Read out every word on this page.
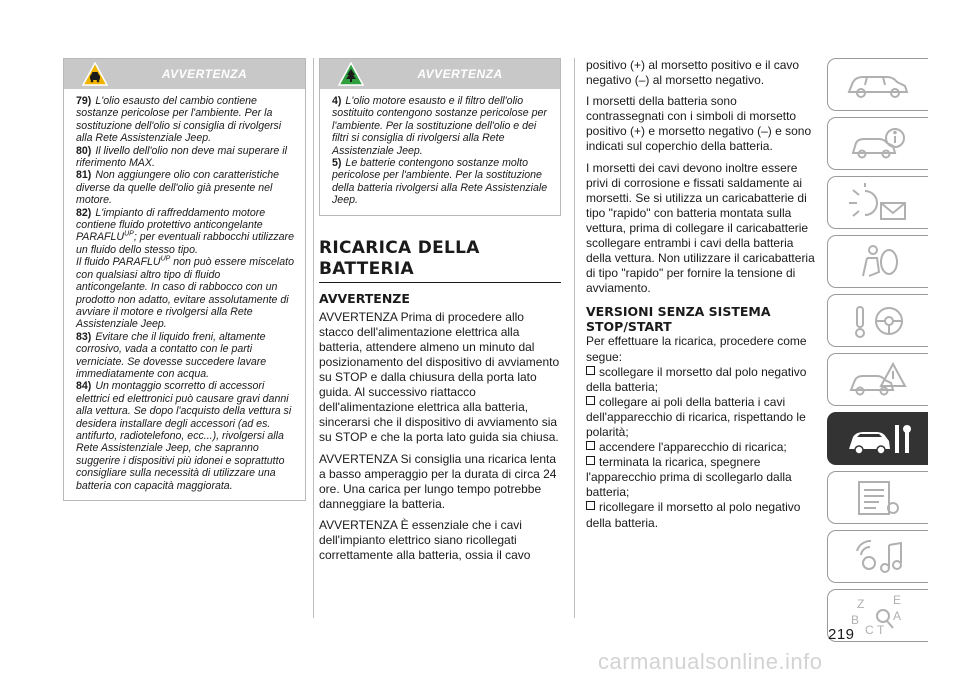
AVVERTENZA

79) L'olio esausto del cambio contiene sostanze pericolose per l'ambiente. Per la sostituzione dell'olio si consiglia di rivolgersi alla Rete Assistenziale Jeep.

80) Il livello dell'olio non deve mai superare il riferimento MAX.

81) Non aggiungere olio con caratteristiche diverse da quelle dell'olio già presente nel motore.

82) L'impianto di raffreddamento motore contiene fluido protettivo anticongelante $PARAFLU^{UP}$; per eventuali rabbocchi utilizzare un fluido dello stesso tipo.
Il fluido $PARAFLU^{UP}$ non può essere miscelato con qualsiasi altro tipo di fluido anticongelante. In caso di rabbocco con un prodotto non adatto, evitare assolutamente di avviare il motore e rivolgersi alla Rete Assistenziale Jeep.

83) Evitare che il liquido freni, altamente corrosivo, vada a contatto con le parti verniciate. Se dovesse succedere lavare immediatamente con acqua.

84) Un montaggio scorretto di accessori elettrici ed elettronici può causare gravi danni alla vettura. Se dopo l'acquisto della vettura si desidera installare degli accessori (ad es. antifurto, radiotelefono, ecc...), rivolgersi alla Rete Assistenziale Jeep, che sapranno suggerire i dispositivi più idonei e soprattutto consigliare sulla necessità di utilizzare una batteria con capacità maggiorata.

AVVERTENZA

4) L'olio motore esausto e il filtro dell'olio sostituito contengono sostanze pericolose per l'ambiente. Per la sostituzione dell'olio e dei filtri si consiglia di rivolgersi alla Rete Assistenziale Jeep.

5) Le batterie contengono sostanze molto pericolose per l'ambiente. Per la sostituzione della batteria rivolgersi alla Rete Assistenziale Jeep.

RICARICA DELLA
BATTERIA
AVVERTENZE

AVVERTENZA Prima di procedere allo stacco dell'alimentazione elettrica alla batteria, attendere almeno un minuto dal posizionamento del dispositivo di avviamento su STOP e dalla chiusura della porta lato guida. Al successivo riattacco dell'alimentazione elettrica alla batteria, sincerarsi che il dispositivo di avviamento sia su STOP e che la porta lato guida sia chiusa.

AVVERTENZA Si consiglia una ricarica lenta a basso amperaggio per la durata di circa 24 ore. Una carica per lungo tempo potrebbe danneggiare la batteria.

AVVERTENZA È essenziale che i cavi dell'impianto elettrico siano ricollegati correttamente alla batteria, ossia il cavo

positivo (+) al morsetto positivo e il cavo negativo (–) al morsetto negativo.

I morsetti della batteria sono contrassegnati con i simboli di morsetto positivo (+) e morsetto negativo (–) e sono indicati sul coperchio della batteria.

I morsetti dei cavi devono inoltre essere privi di corrosione e fissati saldamente ai morsetti. Se si utilizza un caricabatterie di tipo "rapido" con batteria montata sulla vettura, prima di collegare il caricabatterie scollegare entrambi i cavi della batteria della vettura. Non utilizzare il caricabatteria di tipo "rapido" per fornire la tensione di avviamento.

VERSIONI SENZA SISTEMA
STOP/START

Per effettuare la ricarica, procedere come segue:

scollegare il morsetto dal polo negativo della batteria;

collegare ai poli della batteria i cavi dell'apparecchio di ricarica, rispettando le polarità;

accendere l'apparecchio di ricarica;

terminata la ricarica, spegnere l'apparecchio prima di scollegarlo dalla batteria;

ricollegare il morsetto al polo negativo della batteria.

Z E
B	A
C T
219
carmanualsonline.info
